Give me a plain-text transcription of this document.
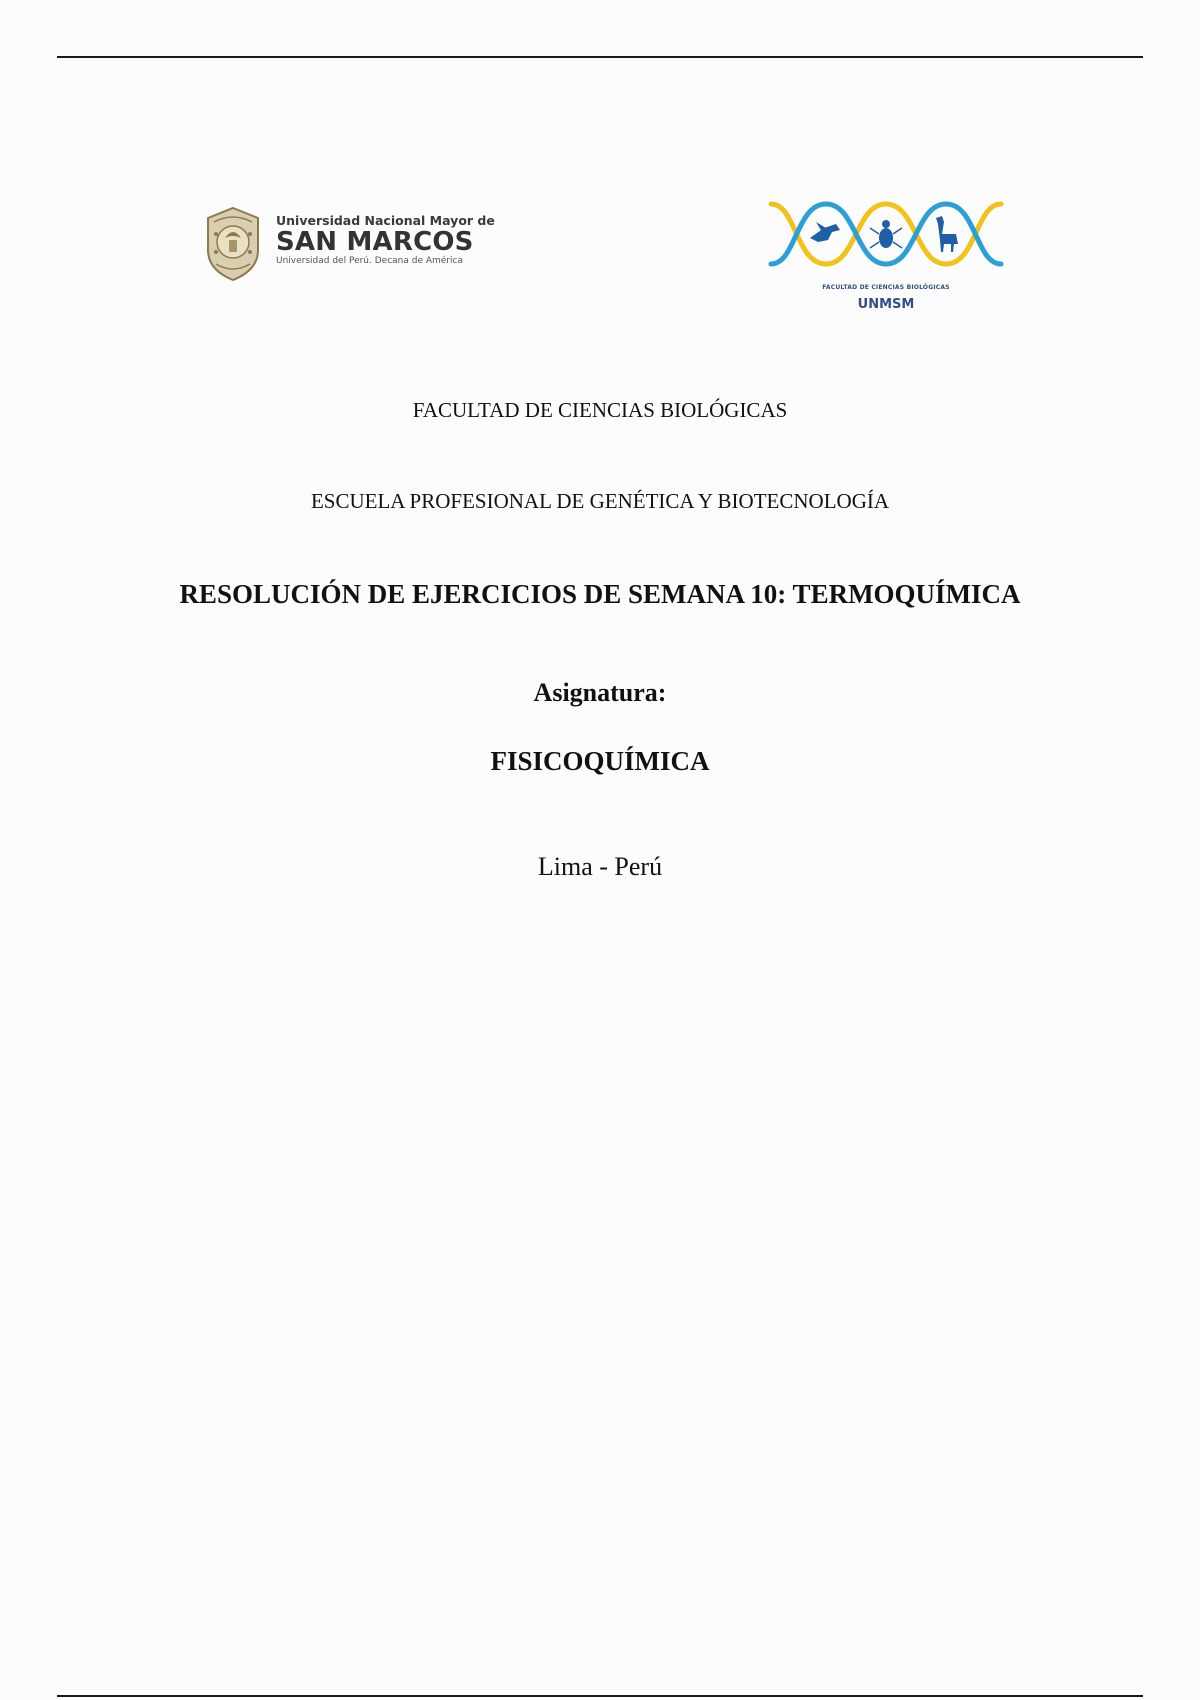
Universidad Nacional Mayor de
SAN MARCOS
Universidad del Perú. Decana de América
FACULTAD DE CIENCIAS BIOLÓGICAS
UNMSM
FACULTAD DE CIENCIAS BIOLÓGICAS
ESCUELA PROFESIONAL DE GENÉTICA Y BIOTECNOLOGÍA
RESOLUCIÓN DE EJERCICIOS DE SEMANA 10: TERMOQUÍMICA
Asignatura:
FISICOQUÍMICA
Lima - Perú
